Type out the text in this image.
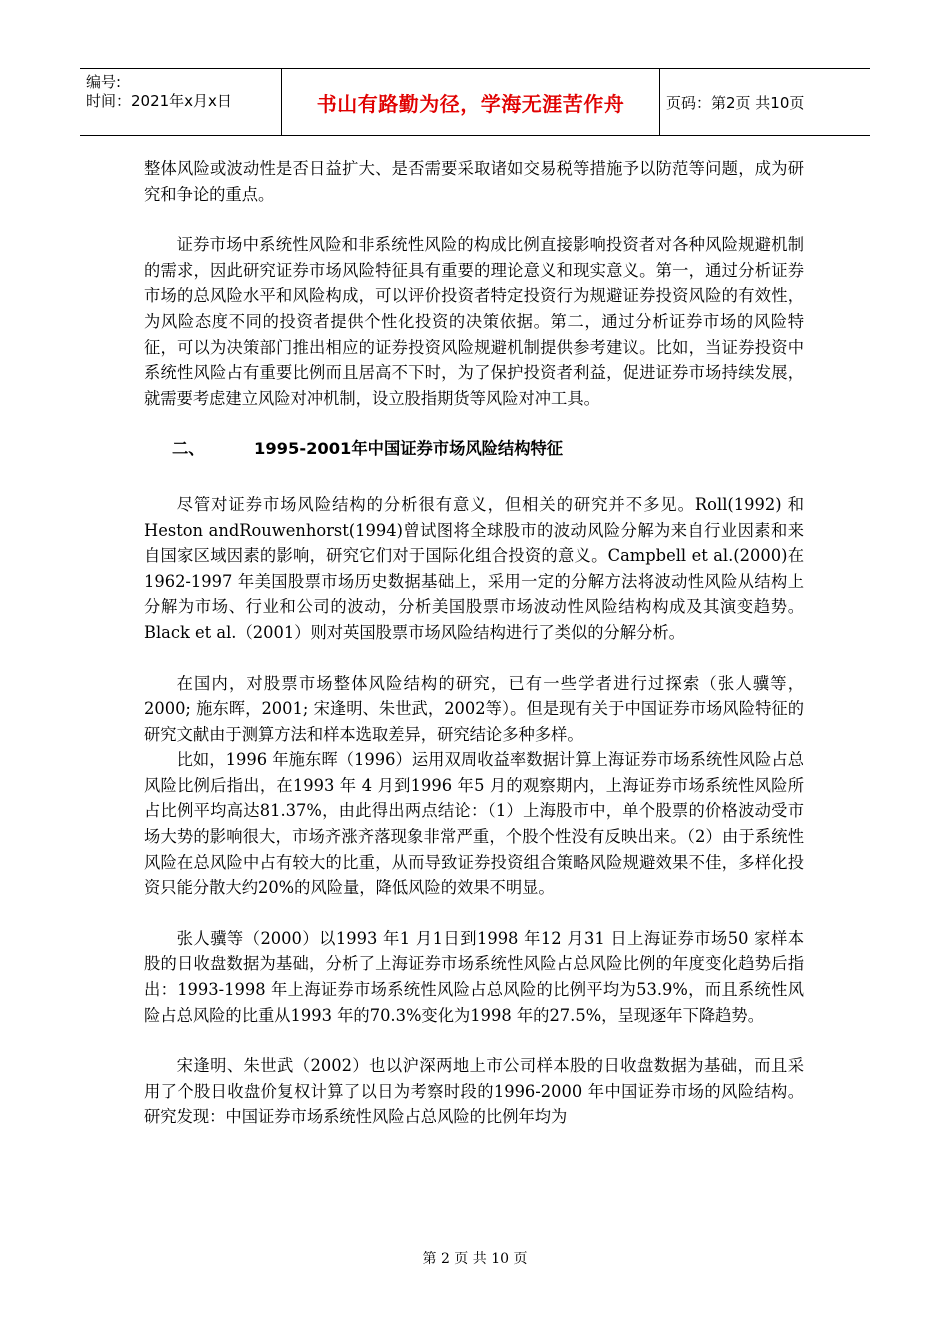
编号:
时间：2021年x月x日	书山有路勤为径，学海无涯苦作舟	页码：第2页 共10页

整体风险或波动性是否日益扩大、是否需要采取诸如交易税等措施予以防范等问题，成为研究和争论的重点。

证券市场中系统性风险和非系统性风险的构成比例直接影响投资者对各种风险规避机制的需求，因此研究证券市场风险特征具有重要的理论意义和现实意义。第一，通过分析证券市场的总风险水平和风险构成，可以评价投资者特定投资行为规避证券投资风险的有效性，为风险态度不同的投资者提供个性化投资的决策依据。第二，通过分析证券市场的风险特征，可以为决策部门推出相应的证券投资风险规避机制提供参考建议。比如，当证券投资中系统性风险占有重要比例而且居高不下时，为了保护投资者利益，促进证券市场持续发展，就需要考虑建立风险对冲机制，设立股指期货等风险对冲工具。

二、	1995-2001年中国证券市场风险结构特征

尽管对证券市场风险结构的分析很有意义，但相关的研究并不多见。Roll(1992) 和Heston andRouwenhorst(1994)曾试图将全球股市的波动风险分解为来自行业因素和来自国家区域因素的影响，研究它们对于国际化组合投资的意义。Campbell et al.(2000)在1962-1997 年美国股票市场历史数据基础上，采用一定的分解方法将波动性风险从结构上分解为市场、行业和公司的波动，分析美国股票市场波动性风险结构构成及其演变趋势。Black et al.（2001）则对英国股票市场风险结构进行了类似的分解分析。

在国内，对股票市场整体风险结构的研究，已有一些学者进行过探索（张人骥等，2000; 施东晖，2001; 宋逢明、朱世武，2002等）。但是现有关于中国证券市场风险特征的研究文献由于测算方法和样本选取差异，研究结论多种多样。

比如，1996 年施东晖（1996）运用双周收益率数据计算上海证券市场系统性风险占总风险比例后指出，在1993 年 4 月到1996 年5 月的观察期内，上海证券市场系统性风险所占比例平均高达81.37%，由此得出两点结论：（1）上海股市中，单个股票的价格波动受市场大势的影响很大，市场齐涨齐落现象非常严重，个股个性没有反映出来。（2）由于系统性风险在总风险中占有较大的比重，从而导致证券投资组合策略风险规避效果不佳，多样化投资只能分散大约20%的风险量，降低风险的效果不明显。

张人骥等（2000）以1993 年1 月1日到1998 年12 月31 日上海证券市场50 家样本股的日收盘数据为基础，分析了上海证券市场系统性风险占总风险比例的年度变化趋势后指出：1993-1998 年上海证券市场系统性风险占总风险的比例平均为53.9%，而且系统性风险占总风险的比重从1993 年的70.3%变化为1998 年的27.5%，呈现逐年下降趋势。

宋逢明、朱世武（2002）也以沪深两地上市公司样本股的日收盘数据为基础，而且采用了个股日收盘价复权计算了以日为考察时段的1996-2000 年中国证券市场的风险结构。研究发现：中国证券市场系统性风险占总风险的比例年均为

第 2 页 共 10 页
